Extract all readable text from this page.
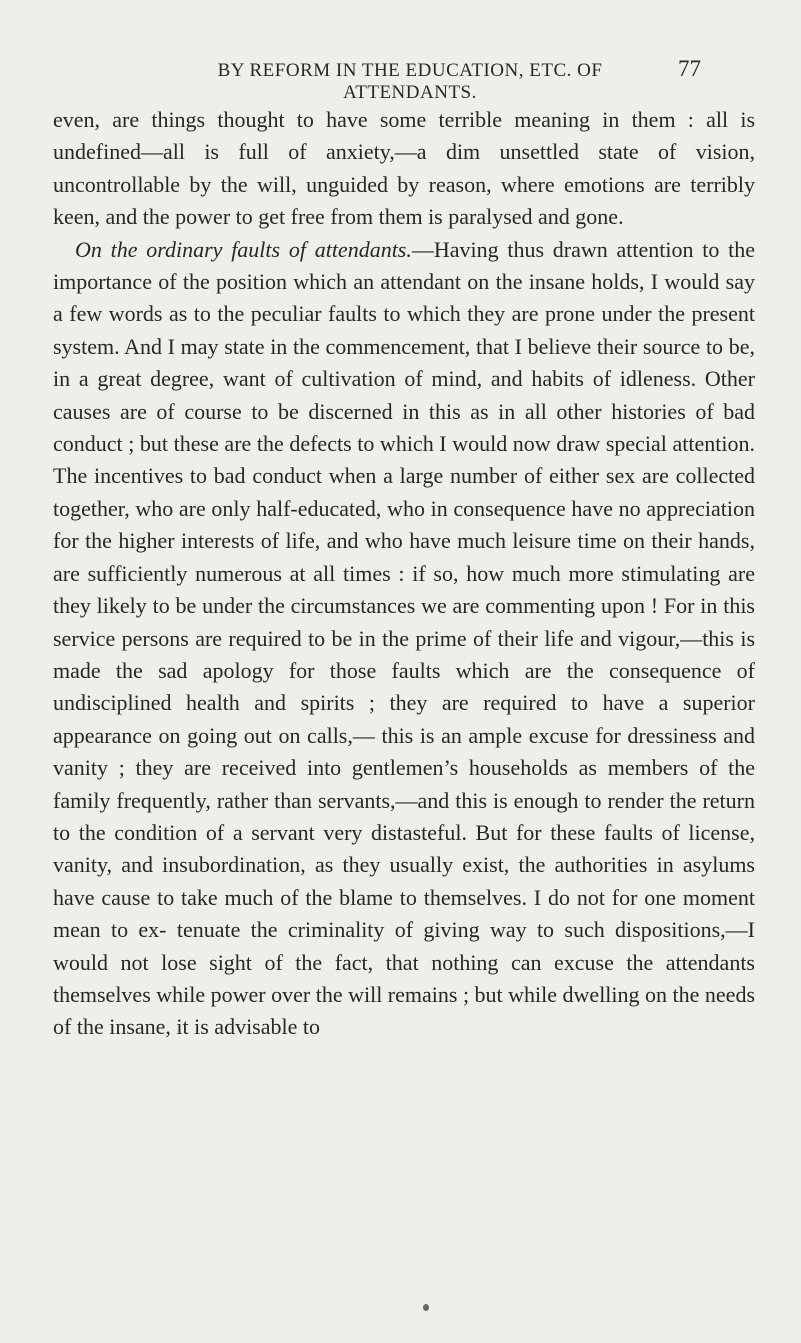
BY REFORM IN THE EDUCATION, ETC. OF ATTENDANTS.
77

even, are things thought to have some terrible meaning in them : all is undefined—all is full of anxiety,—a dim unsettled state of vision, uncontrollable by the will, unguided by reason, where emotions are terribly keen, and the power to get free from them is paralysed and gone.

On the ordinary faults of attendants.—Having thus drawn attention to the importance of the position which an attendant on the insane holds, I would say a few words as to the peculiar faults to which they are prone under the present system. And I may state in the commencement, that I believe their source to be, in a great degree, want of cultivation of mind, and habits of idleness. Other causes are of course to be discerned in this as in all other histories of bad conduct ; but these are the defects to which I would now draw special attention. The incentives to bad conduct when a large number of either sex are collected together, who are only half-educated, who in consequence have no appreciation for the higher interests of life, and who have much leisure time on their hands, are sufficiently numerous at all times : if so, how much more stimulating are they likely to be under the circumstances we are commenting upon ! For in this service persons are required to be in the prime of their life and vigour,—this is made the sad apology for those faults which are the consequence of undisciplined health and spirits ; they are required to have a superior appearance on going out on calls,— this is an ample excuse for dressiness and vanity ; they are received into gentlemen’s households as members of the family frequently, rather than servants,—and this is enough to render the return to the condition of a servant very distasteful. But for these faults of license, vanity, and insubordination, as they usually exist, the authorities in asylums have cause to take much of the blame to themselves. I do not for one moment mean to ex- tenuate the criminality of giving way to such dispositions,—I would not lose sight of the fact, that nothing can excuse the attendants themselves while power over the will remains ; but while dwelling on the needs of the insane, it is advisable to
